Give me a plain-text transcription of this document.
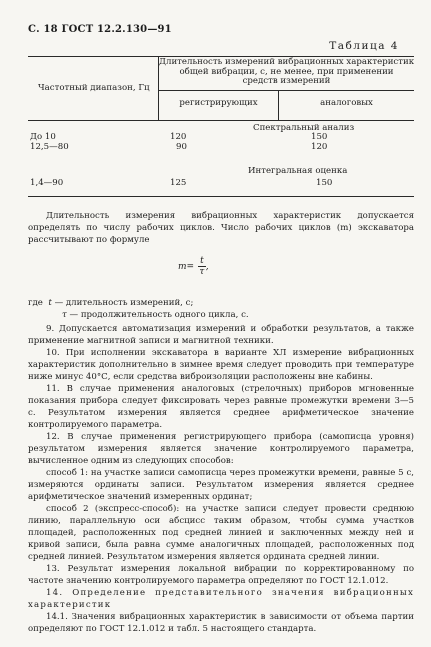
С. 18 ГОСТ 12.2.130—91
Таблица 4
Частотный диапазон, Гц
Длительность измерений вибрационных характеристик
общей вибрации, с, не менее, при применении
средств измерений
регистрирующих	аналоговых
Спектральный анализ
До 10	120	150
12,5—80	90	120
Интегральная оценка
1,4—90	125	150

Длительность измерения вибрационных характеристик допускается определять по числу рабочих циклов. Число рабочих циклов (m) экскаватора рассчитывают по формуле

$m= \frac{t}{\tau}$ ,
где t — длительность измерений, с;
τ — продолжительность одного цикла, с.

9. Допускается автоматизация измерений и обработки результатов, а также применение магнитной записи и магнитной техники.

10. При исполнении экскаватора в варианте ХЛ измерение вибрационных характеристик дополнительно в зимнее время следует проводить при температуре ниже минус 40°С, если средства виброизоляции расположены вне кабины.

11. В случае применения аналоговых (стрелочных) приборов мгновенные показания прибора следует фиксировать через равные промежутки времени 3—5 с. Результатом измерения является среднее арифметическое значение контролируемого параметра.

12. В случае применения регистрирующего прибора (самописца уровня) результатом измерения является значение контролируемого параметра, вычисленное одним из следующих способов:

способ 1: на участке записи самописца через промежутки времени, равные 5 с, измеряются ординаты записи. Результатом измерения является среднее арифметическое значений измеренных ординат;

способ 2 (экспресс-способ): на участке записи следует провести среднюю линию, параллельную оси абсцисс таким образом, чтобы сумма участков площадей, расположенных под средней линией и заключенных между ней и кривой записи, была равна сумме аналогичных площадей, расположенных под средней линией. Результатом измерения является ордината средней линии.

13. Результат измерения локальной вибрации по корректированному по частоте значению контролируемого параметра определяют по ГОСТ 12.1.012.

14. Определение представительного значения вибрационных характеристик

14.1. Значения вибрационных характеристик в зависимости от объема партии определяют по ГОСТ 12.1.012 и табл. 5 настоящего стандарта.
